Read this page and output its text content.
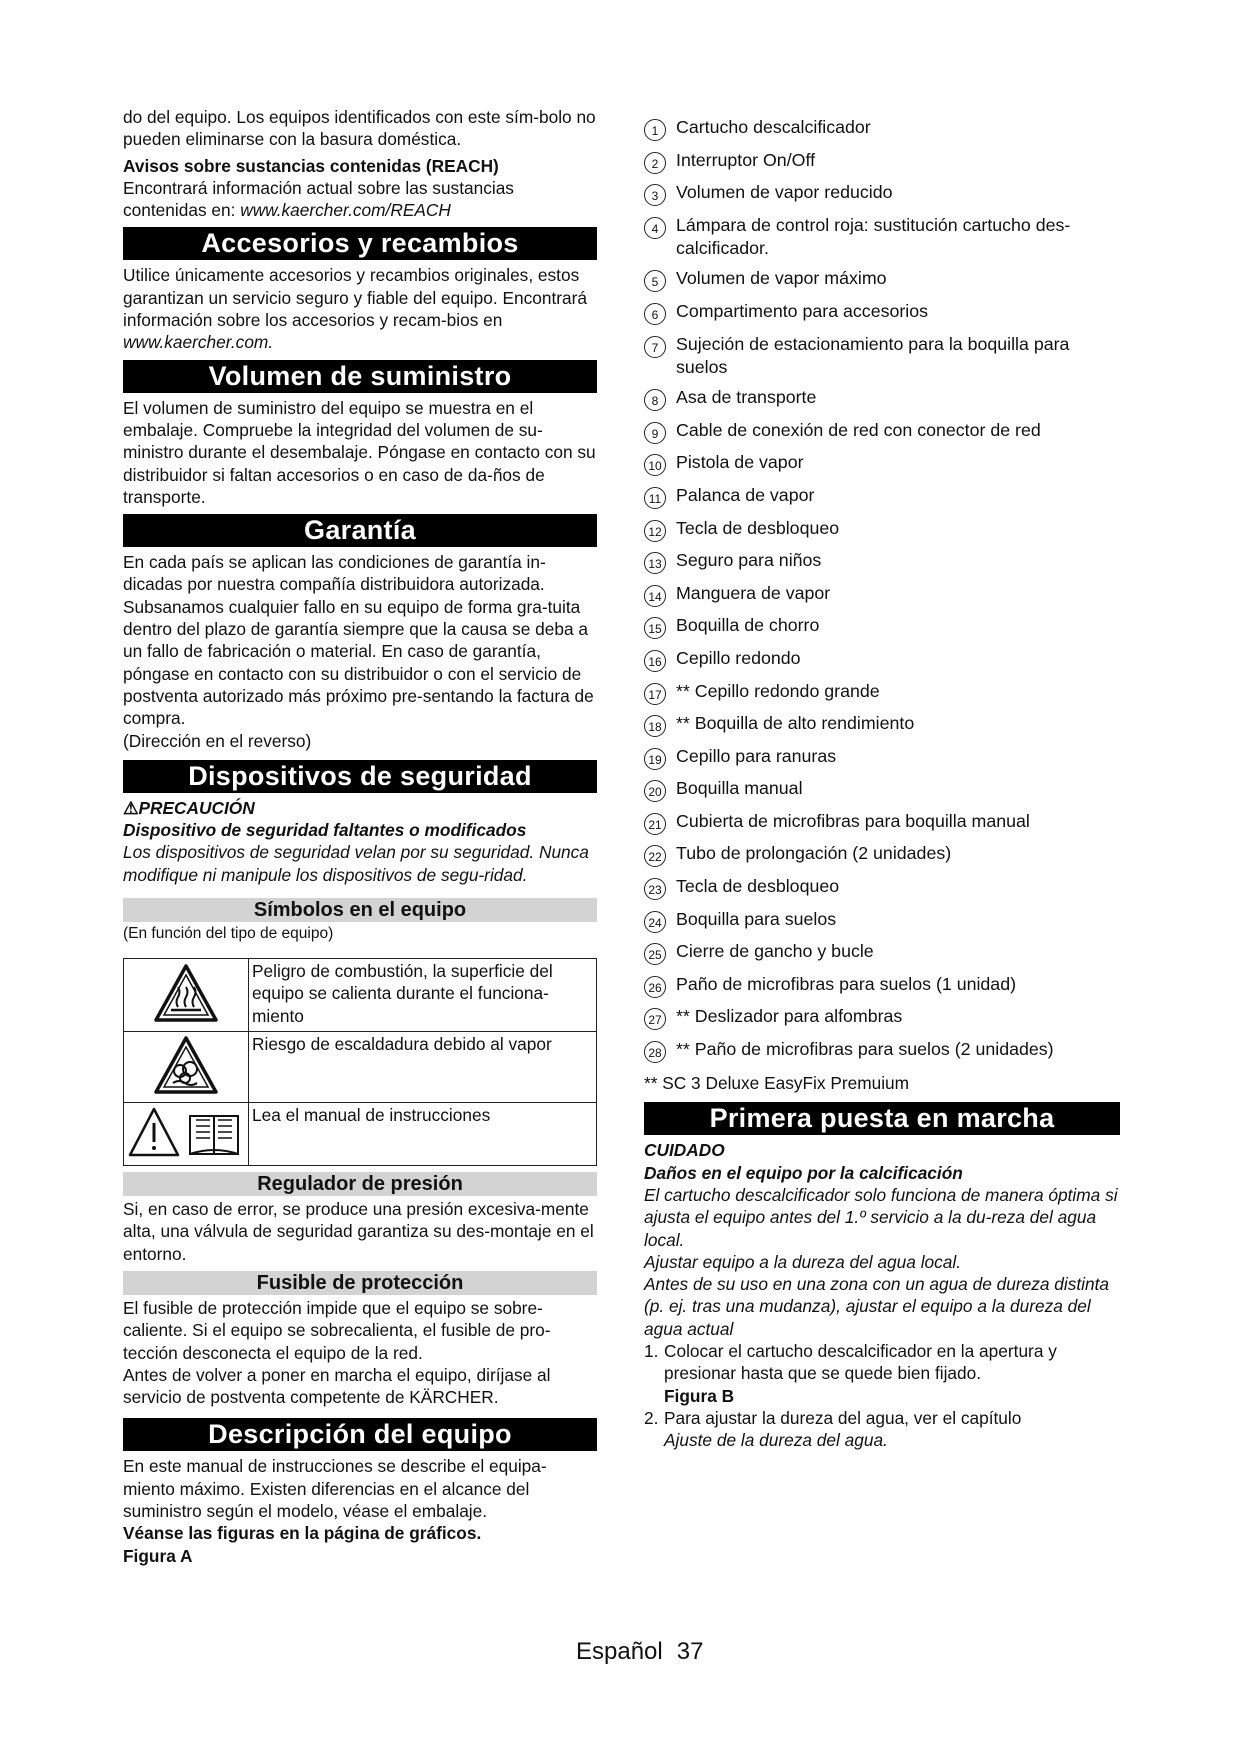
do del equipo. Los equipos identificados con este sím-bolo no pueden eliminarse con la basura doméstica.

Avisos sobre sustancias contenidas (REACH)

Encontrará información actual sobre las sustancias contenidas en: www.kaercher.com/REACH

Accesorios y recambios

Utilice únicamente accesorios y recambios originales, estos garantizan un servicio seguro y fiable del equipo. Encontrará información sobre los accesorios y recam-bios en www.kaercher.com.

Volumen de suministro

El volumen de suministro del equipo se muestra en el embalaje. Compruebe la integridad del volumen de su-ministro durante el desembalaje. Póngase en contacto con su distribuidor si faltan accesorios o en caso de da-ños de transporte.

Garantía

En cada país se aplican las condiciones de garantía in-dicadas por nuestra compañía distribuidora autorizada. Subsanamos cualquier fallo en su equipo de forma gra-tuita dentro del plazo de garantía siempre que la causa se deba a un fallo de fabricación o material. En caso de garantía, póngase en contacto con su distribuidor o con el servicio de postventa autorizado más próximo pre-sentando la factura de compra.

(Dirección en el reverso)

Dispositivos de seguridad

⚠PRECAUCIÓN

Dispositivo de seguridad faltantes o modificados

Los dispositivos de seguridad velan por su seguridad. Nunca modifique ni manipule los dispositivos de segu-ridad.

Símbolos en el equipo

(En función del tipo de equipo)

	Peligro de combustión, la superficie del equipo se calienta durante el funciona-miento
	Riesgo de escaldadura debido al vapor
	Lea el manual de instrucciones
Regulador de presión

Si, en caso de error, se produce una presión excesiva-mente alta, una válvula de seguridad garantiza su des-montaje en el entorno.

Fusible de protección

El fusible de protección impide que el equipo se sobre-caliente. Si el equipo se sobrecalienta, el fusible de pro-tección desconecta el equipo de la red.

Antes de volver a poner en marcha el equipo, diríjase al servicio de postventa competente de KÄRCHER.

Descripción del equipo

En este manual de instrucciones se describe el equipa-miento máximo. Existen diferencias en el alcance del suministro según el modelo, véase el embalaje.

Véanse las figuras en la página de gráficos.

Figura A

1 Cartucho descalcificador
2 Interruptor On/Off
3 Volumen de vapor reducido
4 Lámpara de control roja: sustitución cartucho des-calcificador.
5 Volumen de vapor máximo
6 Compartimento para accesorios
7 Sujeción de estacionamiento para la boquilla para suelos
8 Asa de transporte
9 Cable de conexión de red con conector de red
10 Pistola de vapor
11 Palanca de vapor
12 Tecla de desbloqueo
13 Seguro para niños
14 Manguera de vapor
15 Boquilla de chorro
16 Cepillo redondo
17 ** Cepillo redondo grande
18 ** Boquilla de alto rendimiento
19 Cepillo para ranuras
20 Boquilla manual
21 Cubierta de microfibras para boquilla manual
22 Tubo de prolongación (2 unidades)
23 Tecla de desbloqueo
24 Boquilla para suelos
25 Cierre de gancho y bucle
26 Paño de microfibras para suelos (1 unidad)
27 ** Deslizador para alfombras
28 ** Paño de microfibras para suelos (2 unidades)

** SC 3 Deluxe EasyFix Premuium

Primera puesta en marcha

CUIDADO

Daños en el equipo por la calcificación

El cartucho descalcificador solo funciona de manera óptima si ajusta el equipo antes del 1.º servicio a la du-reza del agua local.

Ajustar equipo a la dureza del agua local.

Antes de su uso en una zona con un agua de dureza distinta (p. ej. tras una mudanza), ajustar el equipo a la dureza del agua actual

1. Colocar el cartucho descalcificador en la apertura y presionar hasta que se quede bien fijado.
Figura B
2. Para ajustar la dureza del agua, ver el capítulo
Ajuste de la dureza del agua.
Español 37
